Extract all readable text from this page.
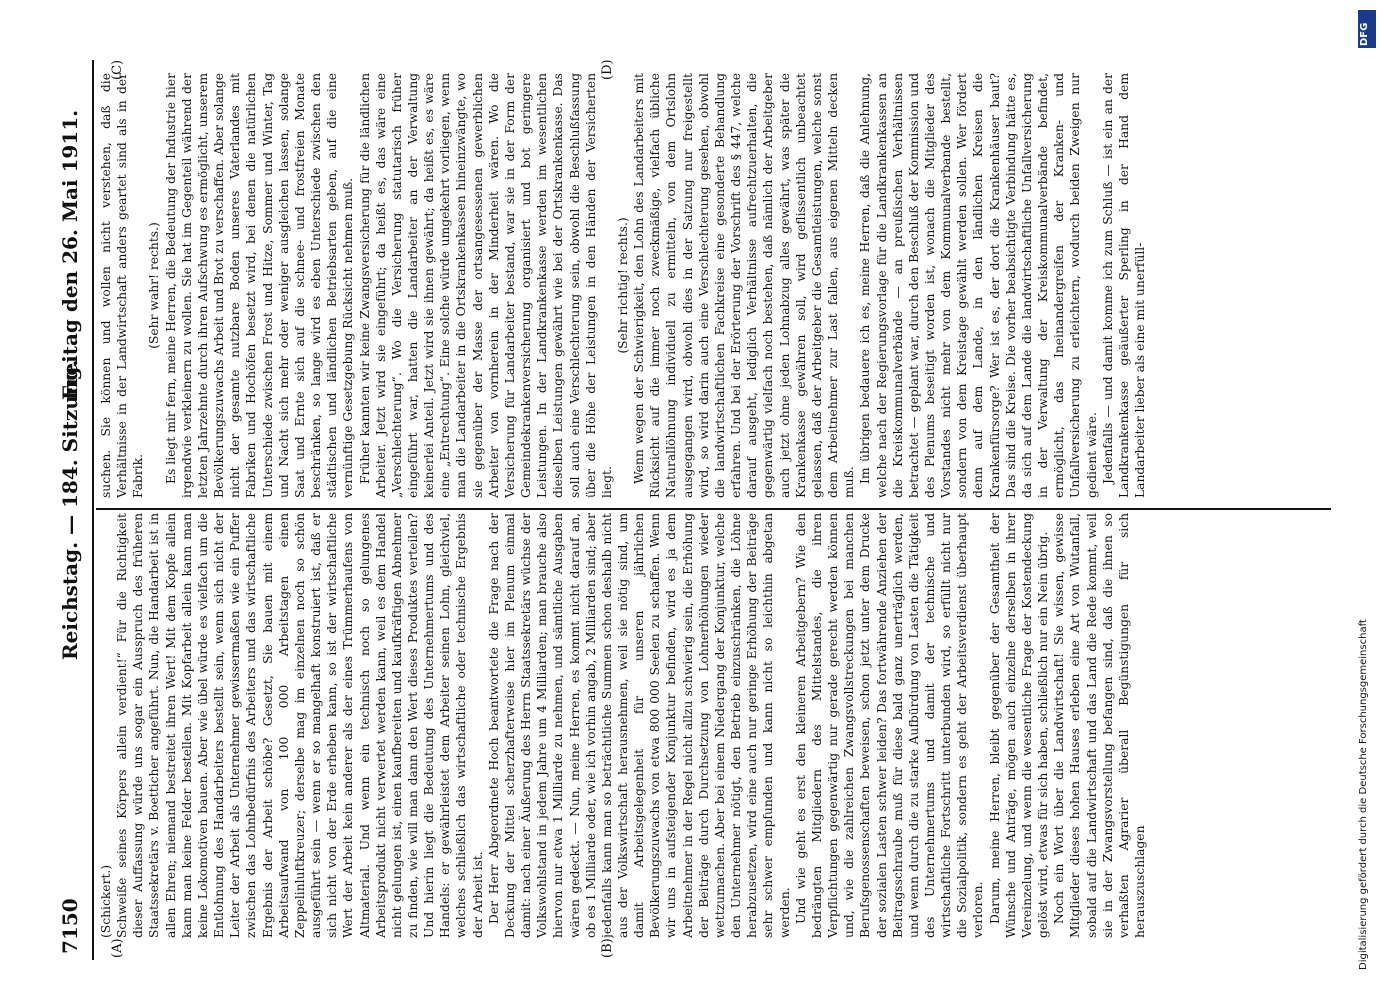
7150
Reichstag. — 184. Sitzung.
Freitag den 26. Mai 1911.
(A)	(B)
(C)	(D)

(Schickert.) Schweiße seines Körpers allein verdient!“ Für die Richtigkeit dieser Auffassung würde uns sogar ein Ausspruch des früheren Staatssekretärs v. Boetticher angeführt. Nun, die Handarbeit ist in allen Ehren; niemand bestreitet ihren Wert! Mit dem Kopfe allein kann man keine Felder bestellen. Mit Kopfarbeit allein kann man keine Lokomotiven bauen. Aber wie übel würde es vielfach um die Entlohnung des Handarbeiters bestellt sein, wenn sich nicht der Leiter der Arbeit als Unternehmer gewissermaßen wie ein Puffer zwischen das Lohnbedürfnis des Arbeiters und das wirtschaftliche Ergebnis der Arbeit schöbe? Gesetzt, Sie bauen mit einem Arbeitsaufwand von 100 000 Arbeitstagen einen Zeppelinluftkreuzer; derselbe mag im einzelnen noch so schön ausgeführt sein — wenn er so mangelhaft konstruiert ist, daß er sich nicht von der Erde erheben kann, so ist der wirtschaftliche Wert der Arbeit kein anderer als der eines Trümmerhaufens von Altmaterial. Und wenn ein technisch noch so gelungenes Arbeitsprodukt nicht verwertet werden kann, weil es dem Handel nicht gelungen ist, einen kaufbereiten und kaufkräftigen Abnehmer zu finden, wie will man dann den Wert dieses Produktes verteilen? Und hierin liegt die Bedeutung des Unternehmertums und des Handels: er gewährleistet dem Arbeiter seinen Lohn, gleichviel, welches schließlich das wirtschaftliche oder technische Ergebnis der Arbeit ist. Der Herr Abgeordnete Hoch beantwortete die Frage nach der Deckung der Mittel scherzhafterweise hier im Plenum einmal damit: nach einer Äußerung des Herrn Staatssekretärs wüchse der Volkswohlstand in jedem Jahre um 4 Milliarden; man brauche also hiervon nur etwa 1 Milliarde zu nehmen, und sämtliche Ausgaben wären gedeckt. — Nun, meine Herren, es kommt nicht darauf an, ob es 1 Milliarde oder, wie ich vorhin angab, 2 Milliarden sind; aber jedenfalls kann man so beträchtliche Summen schon deshalb nicht aus der Volkswirtschaft herausnehmen, weil sie nötig sind, um damit Arbeitsgelegenheit für unseren jährlichen Bevölkerungszuwachs von etwa 800 000 Seelen zu schaffen. Wenn wir uns in aufsteigender Konjunktur befinden, wird es ja dem Arbeitnehmer in der Regel nicht allzu schwierig sein, die Erhöhung der Beiträge durch Durchsetzung von Lohnerhöhungen wieder wettzumachen. Aber bei einem Niedergang der Konjunktur, welche den Unternehmer nötigt, den Betrieb einzuschränken, die Löhne herabzusetzen, wird eine auch nur geringe Erhöhung der Beiträge sehr schwer empfunden und kann nicht so leichthin abgetan werden. Und wie geht es erst den kleineren Arbeitgebern? Wie den bedrängten Mitgliedern des Mittelstandes, die ihren Verpflichtungen gegenwärtig nur gerade gerecht werden können und, wie die zahlreichen Zwangsvollstreckungen bei manchen Berufsgenossenschaften beweisen, schon jetzt unter dem Drucke der sozialen Lasten schwer leiden? Das fortwährende Anziehen der Beitragsschraube muß für diese bald ganz unerträglich werden, und wenn durch die zu starke Aufbürdung von Lasten die Tätigkeit des Unternehmertums und damit der technische und wirtschaftliche Fortschritt unterbunden wird, so erfüllt nicht nur die Sozialpolitik, sondern es geht der Arbeitsverdienst überhaupt verloren. Darum, meine Herren, bleibt gegenüber der Gesamtheit der Wünsche und Anträge, mögen auch einzelne derselben in ihrer Vereinzelung, und wenn die wesentliche Frage der Kostendeckung gelöst wird, etwas für sich haben, schließlich nur ein Nein übrig. Noch ein Wort über die Landwirtschaft! Sie wissen, gewisse Mitglieder dieses hohen Hauses erleben eine Art von Wutanfall, sobald auf die Landwirtschaft und das Land die Rede kommt, weil sie in der Zwangsvorstellung befangen sind, daß die ihnen so verhaßten Agrarier überall Begünstigungen für sich herauszuschlagen

suchen. Sie können und wollen nicht verstehen, daß die Verhältnisse in der Landwirtschaft anders geartet sind als in der Fabrik.

(Sehr wahr! rechts.) Es liegt mir fern, meine Herren, die Bedeutung der Industrie hier irgendwie verkleinern zu wollen. Sie hat im Gegenteil während der letzten Jahrzehnte durch ihren Aufschwung es ermöglicht, unserem Bevölkerungszuwachs Arbeit und Brot zu verschaffen. Aber solange nicht der gesamte nutzbare Boden unseres Vaterlandes mit Fabriken und Hochöfen besetzt wird, bei denen die natürlichen Unterschiede zwischen Frost und Hitze, Sommer und Winter, Tag und Nacht sich mehr oder weniger ausgleichen lassen, solange Saat und Ernte sich auf die schnee- und frostfreien Monate beschränken, so lange wird es eben Unterschiede zwischen den städtischen und ländlichen Betriebsarten geben, auf die eine vernünftige Gesetzgebung Rücksicht nehmen muß. Früher kannten wir keine Zwangsversicherung für die ländlichen Arbeiter. Jetzt wird sie eingeführt; da heißt es, das wäre eine „Verschlechterung“. Wo die Versicherung statutarisch früher eingeführt war, hatten die Landarbeiter an der Verwaltung keinerlei Anteil. Jetzt wird sie ihnen gewährt; da heißt es, es wäre eine „Entrechtung“. Eine solche würde umgekehrt vorliegen, wenn man die Landarbeiter in die Ortskrankenkassen hineinzwängte, wo sie gegenüber der Masse der ortsangesessenen gewerblichen Arbeiter von vornherein in der Minderheit wären. Wo die Versicherung für Landarbeiter bestand, war sie in der Form der Gemeindekrankenversicherung organisiert und bot geringere Leistungen. In der Landkrankenkasse werden im wesentlichen dieselben Leistungen gewährt wie bei der Ortskrankenkasse. Das soll auch eine Verschlechterung sein, obwohl die Beschlußfassung über die Höhe der Leistungen in den Händen der Versicherten liegt.

(Sehr richtig! rechts.) Wenn wegen der Schwierigkeit, den Lohn des Landarbeiters mit Rücksicht auf die immer noch zweckmäßige, vielfach übliche Naturallöhnung individuell zu ermitteln, von dem Ortslohn ausgegangen wird, obwohl dies in der Satzung nur freigestellt wird, so wird darin auch eine Verschlechterung gesehen, obwohl die landwirtschaftlichen Fachkreise eine gesonderte Behandlung erfahren. Und bei der Erörterung der Vorschrift des § 447, welche darauf ausgeht, lediglich Verhältnisse aufrechtzuerhalten, die gegenwärtig vielfach noch bestehen, daß nämlich der Arbeitgeber auch jetzt ohne jeden Lohnabzug alles gewährt, was später die Krankenkasse gewähren soll, wird geflissentlich unbeachtet gelassen, daß der Arbeitgeber die Gesamtleistungen, welche sonst dem Arbeitnehmer zur Last fallen, aus eigenen Mitteln decken muß. Im übrigen bedauere ich es, meine Herren, daß die Anlehnung, welche nach der Regierungsvorlage für die Landkrankenkassen an die Kreiskommunalverbände — an preußischen Verhältnissen betrachtet — geplant war, durch den Beschluß der Kommission und des Plenums beseitigt worden ist, wonach die Mitglieder des Vorstandes nicht mehr von dem Kommunalverbande bestellt, sondern von dem Kreistage gewählt werden sollen. Wer fördert denn auf dem Lande, in den ländlichen Kreisen die Krankenfürsorge? Wer ist es, der dort die Krankenhäuser baut? Das sind die Kreise. Die vorher beabsichtigte Verbindung hätte es, da sich auf dem Lande die landwirtschaftliche Unfallversicherung in der Verwaltung der Kreiskommunalverbände befindet, ermöglicht, das Ineinandergreifen der Kranken- und Unfallversicherung zu erleichtern, wodurch beiden Zweigen nur gedient wäre. Jedenfalls — und damit komme ich zum Schluß — ist ein an der Landkrankenkasse geäußerter Sperling in der Hand dem Landarbeiter lieber als eine mit unerfüll-

Digitalisierung gefördert durch die Deutsche Forschungsgemeinschaft
DFG
